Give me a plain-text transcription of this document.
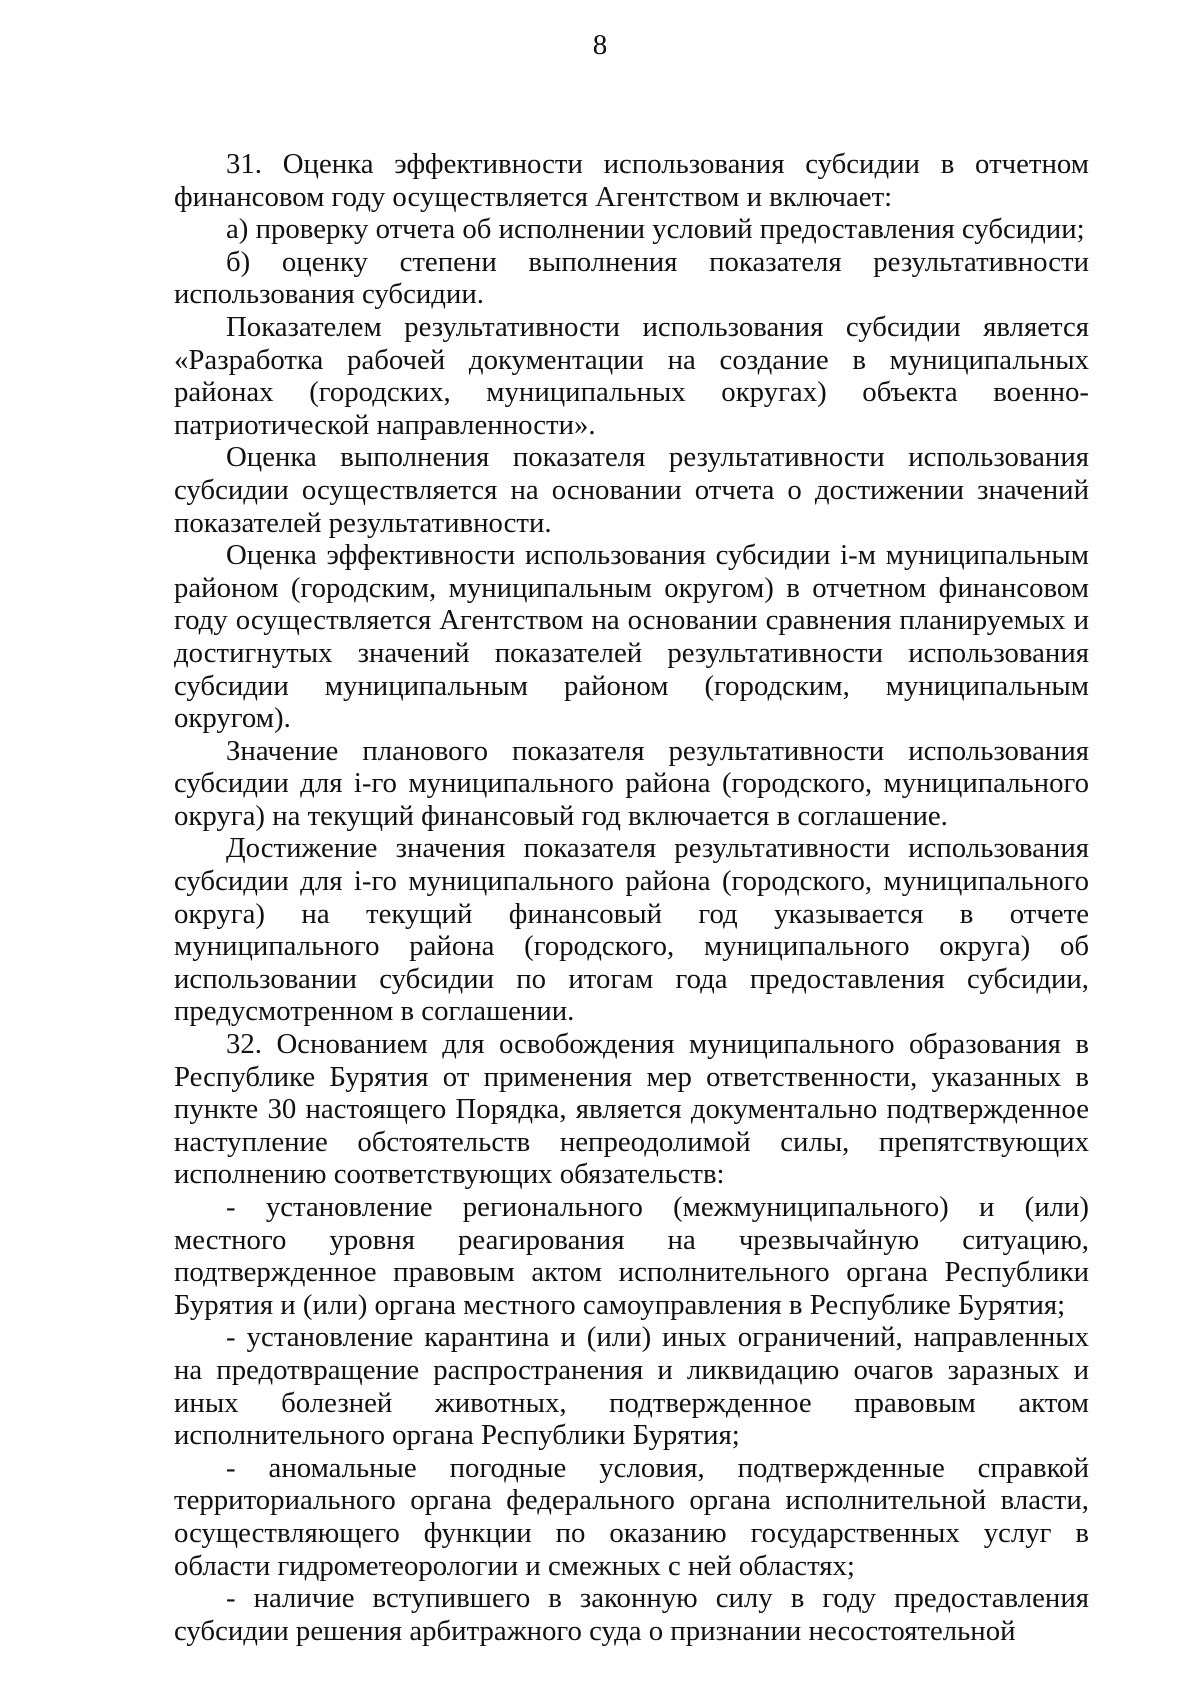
8

31. Оценка эффективности использования субсидии в отчетном финансовом году осуществляется Агентством и включает:

а) проверку отчета об исполнении условий предоставления субсидии;

б) оценку степени выполнения показателя результативности использования субсидии.

Показателем результативности использования субсидии является «Разработка рабочей документации на создание в муниципальных районах (городских, муниципальных округах) объекта военно-патриотической направленности».

Оценка выполнения показателя результативности использования субсидии осуществляется на основании отчета о достижении значений показателей результативности.

Оценка эффективности использования субсидии i-м муниципальным районом (городским, муниципальным округом) в отчетном финансовом году осуществляется Агентством на основании сравнения планируемых и достигнутых значений показателей результативности использования субсидии муниципальным районом (городским, муниципальным округом).

Значение планового показателя результативности использования субсидии для i-го муниципального района (городского, муниципального округа) на текущий финансовый год включается в соглашение.

Достижение значения показателя результативности использования субсидии для i-го муниципального района (городского, муниципального округа) на текущий финансовый год указывается в отчете муниципального района (городского, муниципального округа) об использовании субсидии по итогам года предоставления субсидии, предусмотренном в соглашении.

32. Основанием для освобождения муниципального образования в Республике Бурятия от применения мер ответственности, указанных в пункте 30 настоящего Порядка, является документально подтвержденное наступление обстоятельств непреодолимой силы, препятствующих исполнению соответствующих обязательств:

- установление регионального (межмуниципального) и (или) местного уровня реагирования на чрезвычайную ситуацию, подтвержденное правовым актом исполнительного органа Республики Бурятия и (или) органа местного самоуправления в Республике Бурятия;

- установление карантина и (или) иных ограничений, направленных на предотвращение распространения и ликвидацию очагов заразных и иных болезней животных, подтвержденное правовым актом исполнительного органа Республики Бурятия;

- аномальные погодные условия, подтвержденные справкой территориального органа федерального органа исполнительной власти, осуществляющего функции по оказанию государственных услуг в области гидрометеорологии и смежных с ней областях;

- наличие вступившего в законную силу в году предоставления субсидии решения арбитражного суда о признании несостоятельной
